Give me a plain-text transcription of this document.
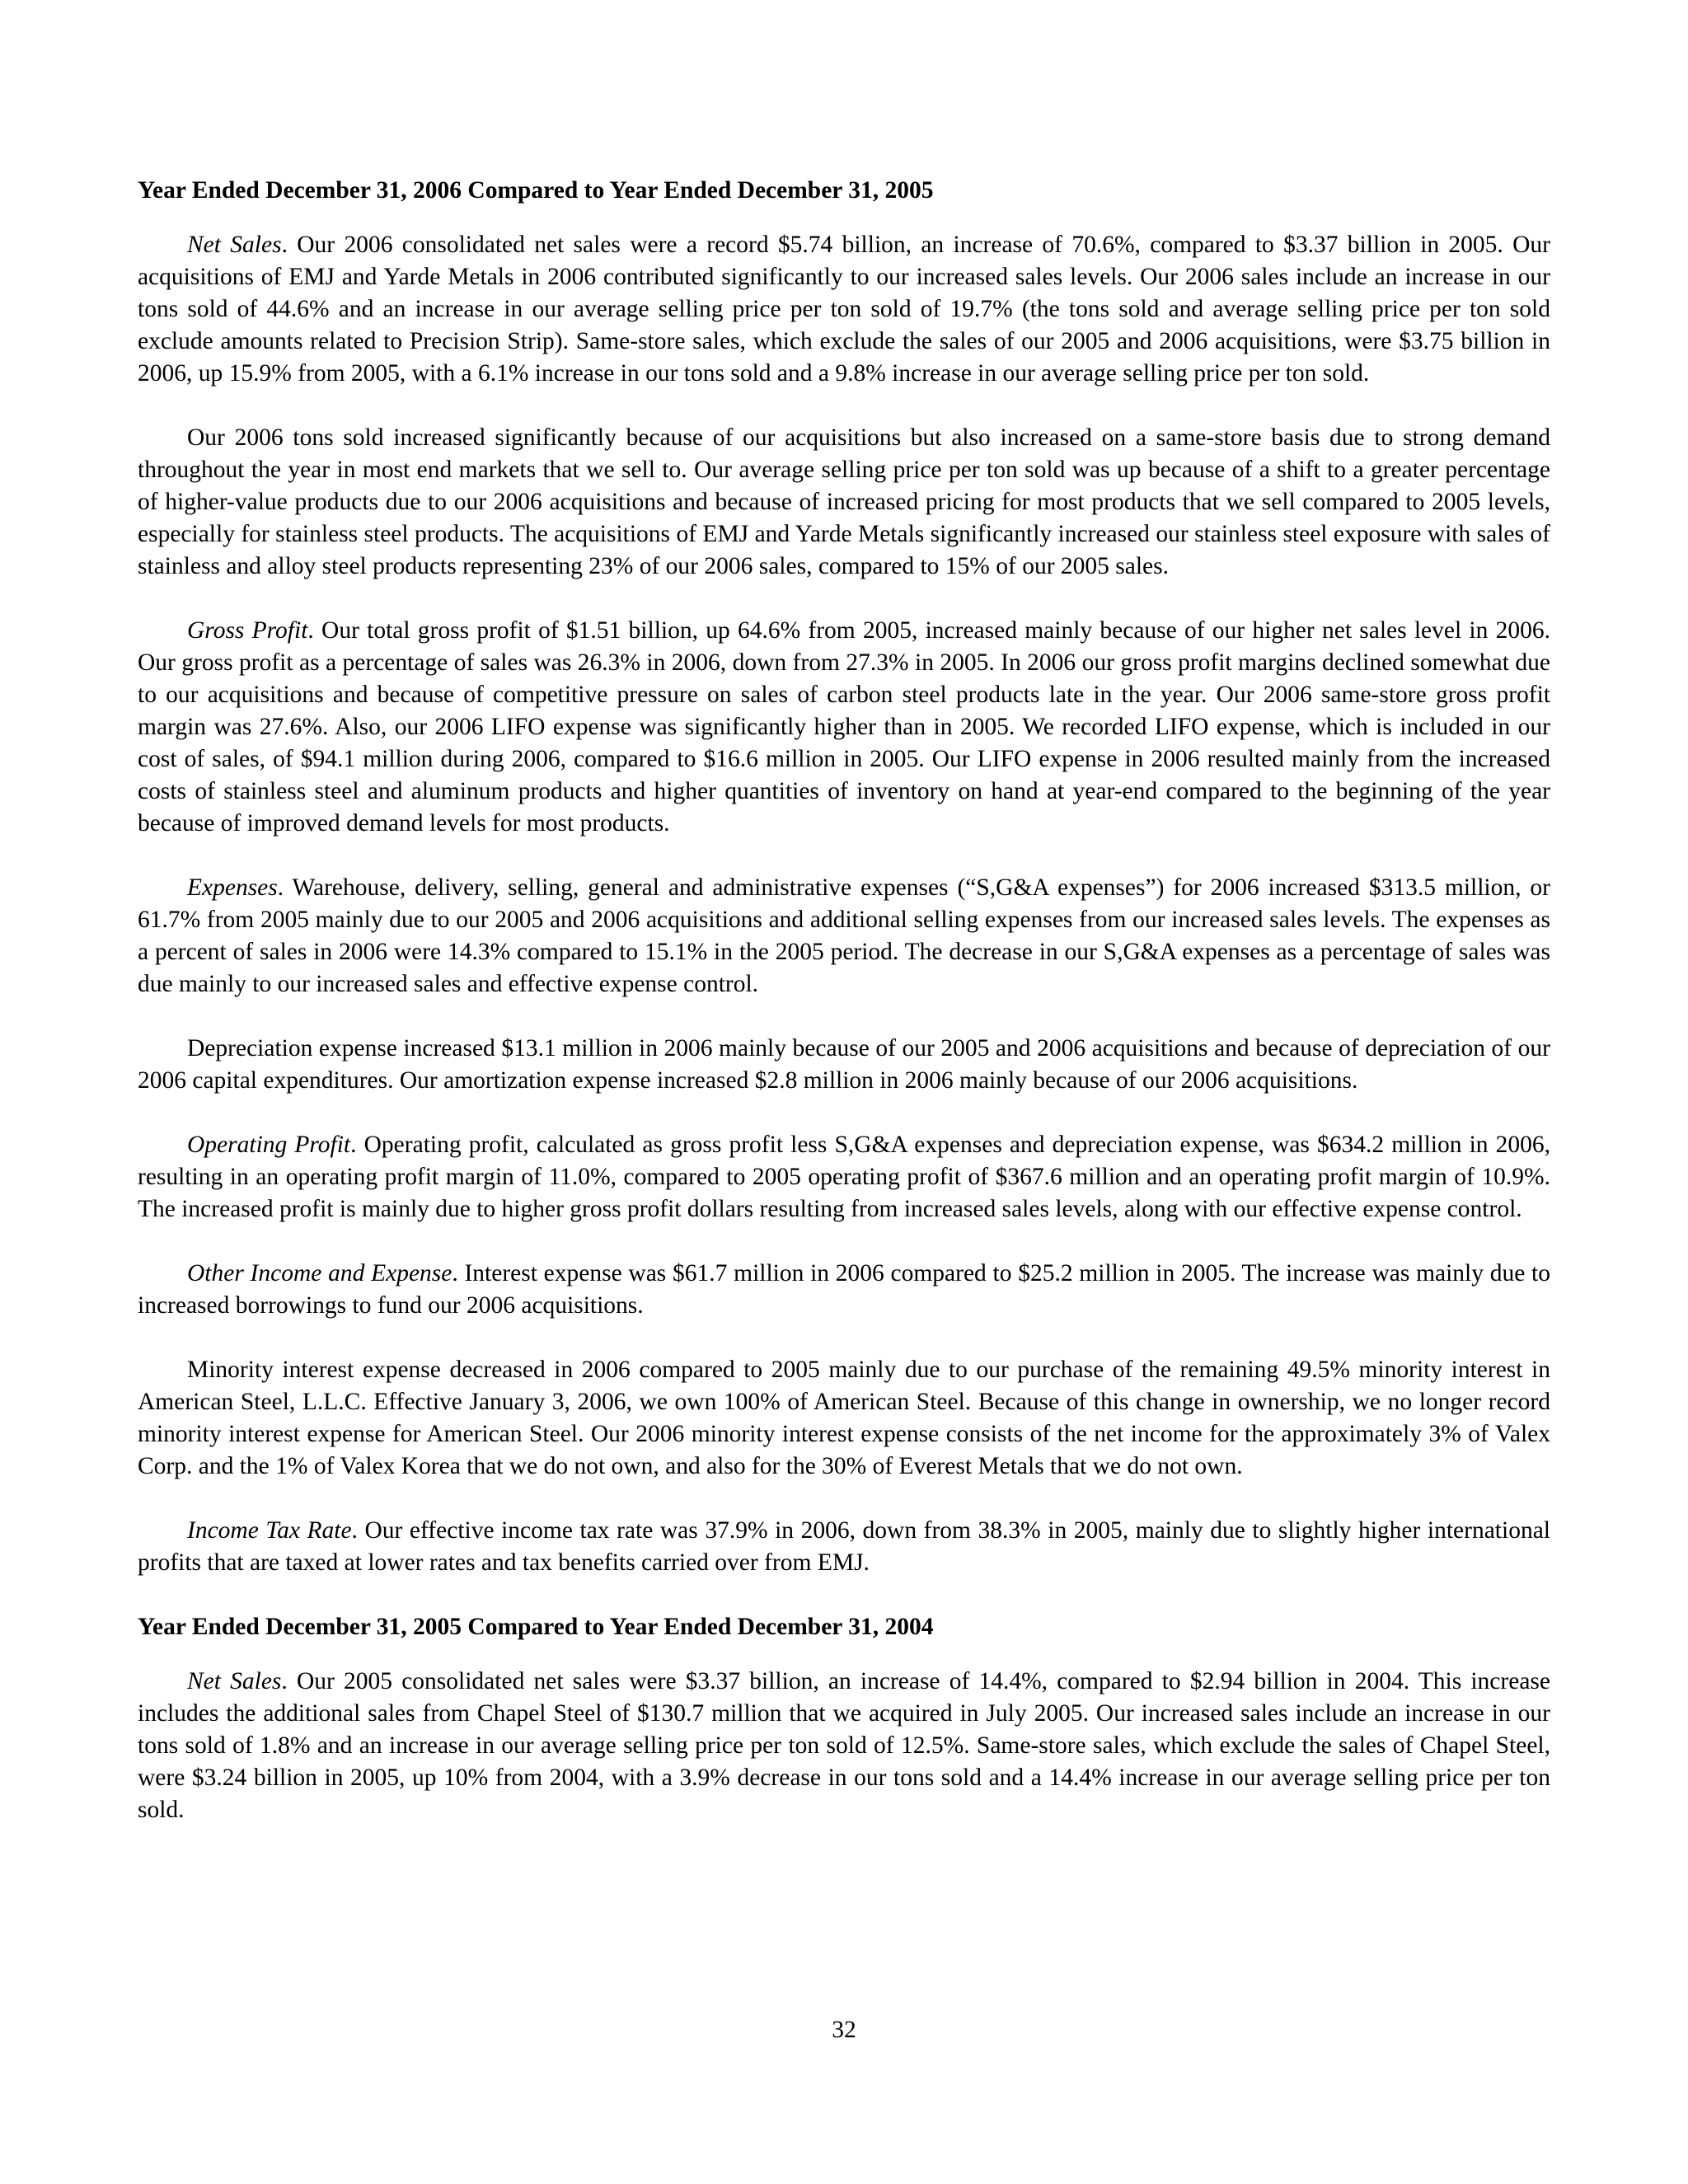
Year Ended December 31, 2006 Compared to Year Ended December 31, 2005

Net Sales. Our 2006 consolidated net sales were a record $5.74 billion, an increase of 70.6%, compared to $3.37 billion in 2005. Our acquisitions of EMJ and Yarde Metals in 2006 contributed significantly to our increased sales levels. Our 2006 sales include an increase in our tons sold of 44.6% and an increase in our average selling price per ton sold of 19.7% (the tons sold and average selling price per ton sold exclude amounts related to Precision Strip). Same-store sales, which exclude the sales of our 2005 and 2006 acquisitions, were $3.75 billion in 2006, up 15.9% from 2005, with a 6.1% increase in our tons sold and a 9.8% increase in our average selling price per ton sold.

Our 2006 tons sold increased significantly because of our acquisitions but also increased on a same-store basis due to strong demand throughout the year in most end markets that we sell to. Our average selling price per ton sold was up because of a shift to a greater percentage of higher-value products due to our 2006 acquisitions and because of increased pricing for most products that we sell compared to 2005 levels, especially for stainless steel products. The acquisitions of EMJ and Yarde Metals significantly increased our stainless steel exposure with sales of stainless and alloy steel products representing 23% of our 2006 sales, compared to 15% of our 2005 sales.

Gross Profit. Our total gross profit of $1.51 billion, up 64.6% from 2005, increased mainly because of our higher net sales level in 2006. Our gross profit as a percentage of sales was 26.3% in 2006, down from 27.3% in 2005. In 2006 our gross profit margins declined somewhat due to our acquisitions and because of competitive pressure on sales of carbon steel products late in the year. Our 2006 same-store gross profit margin was 27.6%. Also, our 2006 LIFO expense was significantly higher than in 2005. We recorded LIFO expense, which is included in our cost of sales, of $94.1 million during 2006, compared to $16.6 million in 2005. Our LIFO expense in 2006 resulted mainly from the increased costs of stainless steel and aluminum products and higher quantities of inventory on hand at year-end compared to the beginning of the year because of improved demand levels for most products.

Expenses. Warehouse, delivery, selling, general and administrative expenses (“S,G&A expenses”) for 2006 increased $313.5 million, or 61.7% from 2005 mainly due to our 2005 and 2006 acquisitions and additional selling expenses from our increased sales levels. The expenses as a percent of sales in 2006 were 14.3% compared to 15.1% in the 2005 period. The decrease in our S,G&A expenses as a percentage of sales was due mainly to our increased sales and effective expense control.

Depreciation expense increased $13.1 million in 2006 mainly because of our 2005 and 2006 acquisitions and because of depreciation of our 2006 capital expenditures. Our amortization expense increased $2.8 million in 2006 mainly because of our 2006 acquisitions.

Operating Profit. Operating profit, calculated as gross profit less S,G&A expenses and depreciation expense, was $634.2 million in 2006, resulting in an operating profit margin of 11.0%, compared to 2005 operating profit of $367.6 million and an operating profit margin of 10.9%. The increased profit is mainly due to higher gross profit dollars resulting from increased sales levels, along with our effective expense control.

Other Income and Expense. Interest expense was $61.7 million in 2006 compared to $25.2 million in 2005. The increase was mainly due to increased borrowings to fund our 2006 acquisitions.

Minority interest expense decreased in 2006 compared to 2005 mainly due to our purchase of the remaining 49.5% minority interest in American Steel, L.L.C. Effective January 3, 2006, we own 100% of American Steel. Because of this change in ownership, we no longer record minority interest expense for American Steel. Our 2006 minority interest expense consists of the net income for the approximately 3% of Valex Corp. and the 1% of Valex Korea that we do not own, and also for the 30% of Everest Metals that we do not own.

Income Tax Rate. Our effective income tax rate was 37.9% in 2006, down from 38.3% in 2005, mainly due to slightly higher international profits that are taxed at lower rates and tax benefits carried over from EMJ.

Year Ended December 31, 2005 Compared to Year Ended December 31, 2004

Net Sales. Our 2005 consolidated net sales were $3.37 billion, an increase of 14.4%, compared to $2.94 billion in 2004. This increase includes the additional sales from Chapel Steel of $130.7 million that we acquired in July 2005. Our increased sales include an increase in our tons sold of 1.8% and an increase in our average selling price per ton sold of 12.5%. Same-store sales, which exclude the sales of Chapel Steel, were $3.24 billion in 2005, up 10% from 2004, with a 3.9% decrease in our tons sold and a 14.4% increase in our average selling price per ton sold.

32
